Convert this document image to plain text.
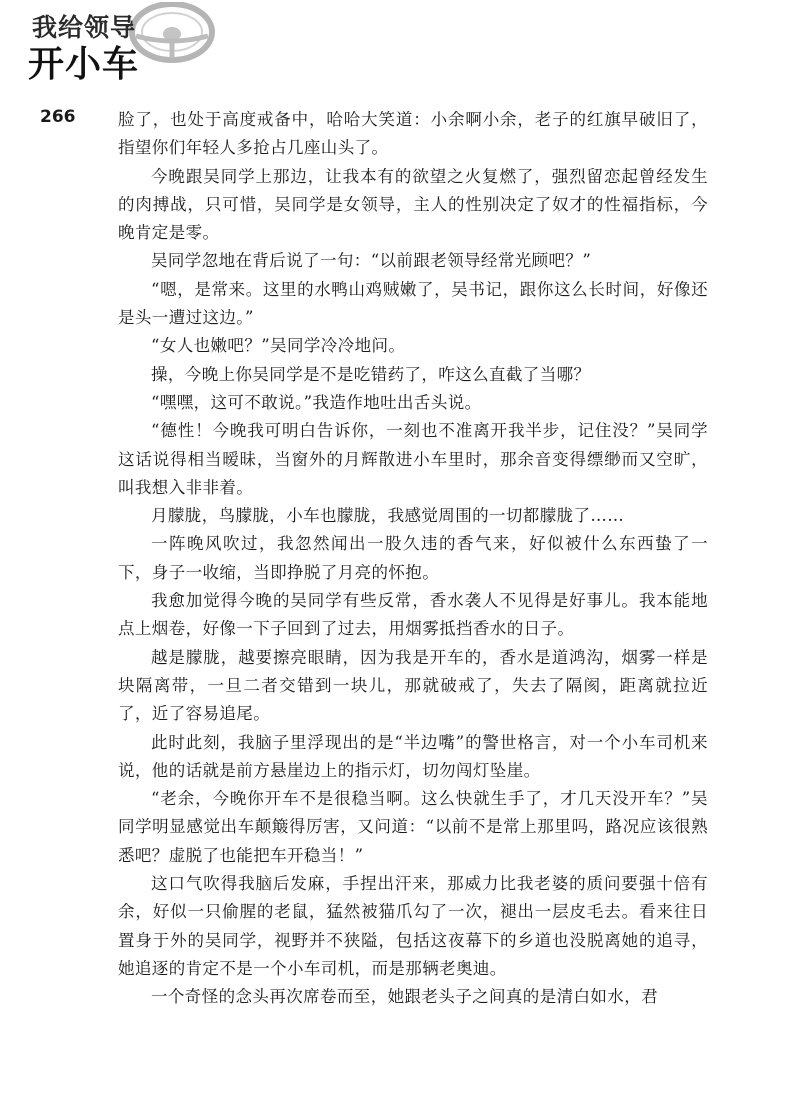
我给领导
开小车
266	脸了，也处于高度戒备中，哈哈大笑道：小余啊小余，老子的红旗早破旧了，指望你们年轻人多抢占几座山头了。

今晚跟吴同学上那边，让我本有的欲望之火复燃了，强烈留恋起曾经发生的肉搏战，只可惜，吴同学是女领导，主人的性别决定了奴才的性福指标，今晚肯定是零。

吴同学忽地在背后说了一句：“以前跟老领导经常光顾吧？”

“嗯，是常来。这里的水鸭山鸡贼嫩了，吴书记，跟你这么长时间，好像还是头一遭过这边。”

“女人也嫩吧？”吴同学冷冷地问。

操，今晚上你吴同学是不是吃错药了，咋这么直截了当哪？

“嘿嘿，这可不敢说。”我造作地吐出舌头说。

“德性！今晚我可明白告诉你，一刻也不准离开我半步，记住没？”吴同学这话说得相当暧昧，当窗外的月辉散进小车里时，那余音变得缥缈而又空旷，叫我想入非非着。

月朦胧，鸟朦胧，小车也朦胧，我感觉周围的一切都朦胧了……

一阵晚风吹过，我忽然闻出一股久违的香气来，好似被什么东西蛰了一下，身子一收缩，当即挣脱了月亮的怀抱。

我愈加觉得今晚的吴同学有些反常，香水袭人不见得是好事儿。我本能地点上烟卷，好像一下子回到了过去，用烟雾抵挡香水的日子。

越是朦胧，越要擦亮眼睛，因为我是开车的，香水是道鸿沟，烟雾一样是块隔离带，一旦二者交错到一块儿，那就破戒了，失去了隔阂，距离就拉近了，近了容易追尾。

此时此刻，我脑子里浮现出的是“半边嘴”的警世格言，对一个小车司机来说，他的话就是前方悬崖边上的指示灯，切勿闯灯坠崖。

“老余，今晚你开车不是很稳当啊。这么快就生手了，才几天没开车？”吴同学明显感觉出车颠簸得厉害，又问道：“以前不是常上那里吗，路况应该很熟悉吧？虚脱了也能把车开稳当！”

这口气吹得我脑后发麻，手捏出汗来，那威力比我老婆的质问要强十倍有余，好似一只偷腥的老鼠，猛然被猫爪勾了一次，褪出一层皮毛去。看来往日置身于外的吴同学，视野并不狭隘，包括这夜幕下的乡道也没脱离她的追寻，她追逐的肯定不是一个小车司机，而是那辆老奥迪。

一个奇怪的念头再次席卷而至，她跟老头子之间真的是清白如水，君
